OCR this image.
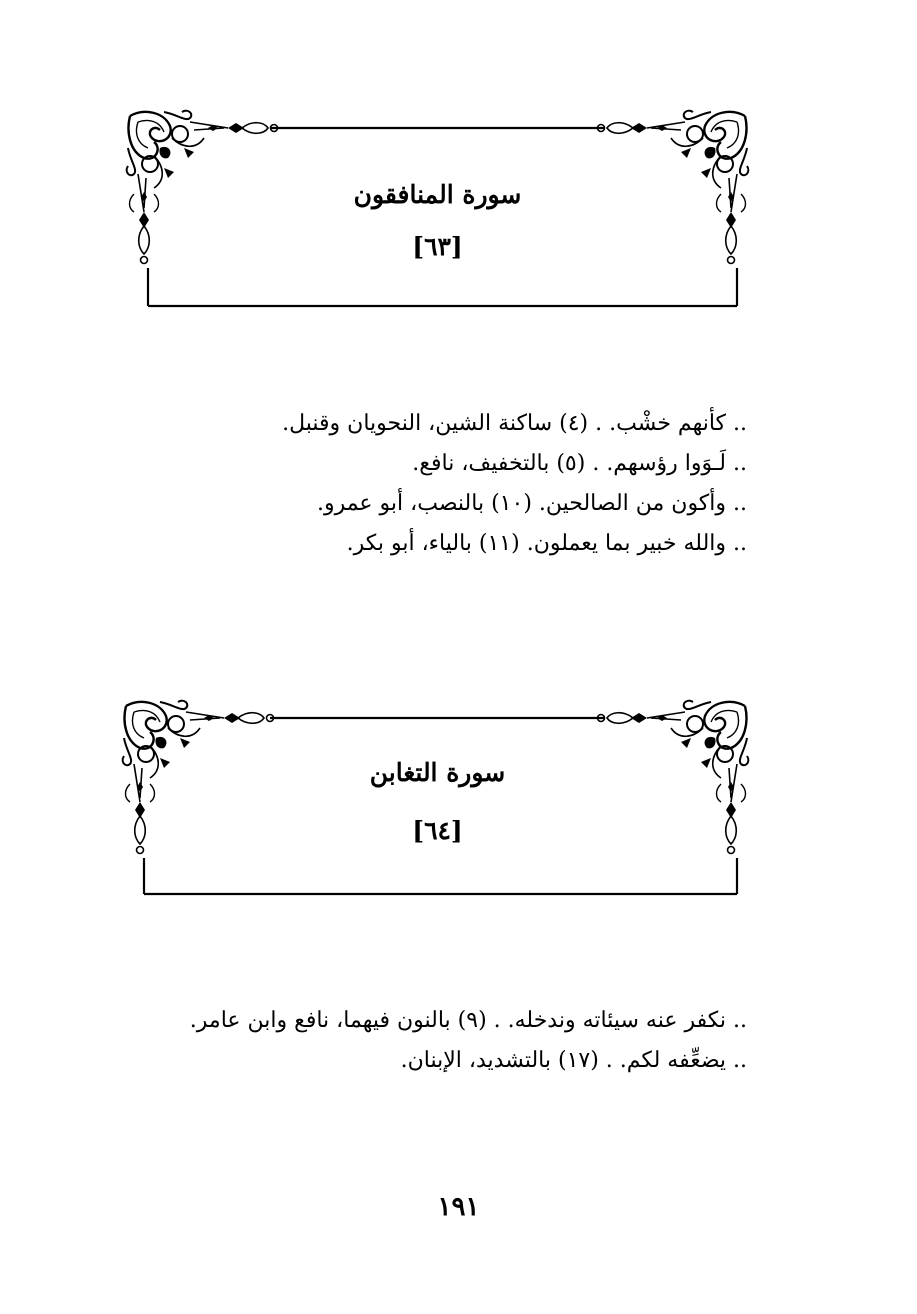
سورة المنافقون
[٦٣]
.. كأنهم خشْب. . (٤) ساكنة الشين، النحويان وقنبل.
.. لَـوَوا رؤسهم. . (٥) بالتخفيف، نافع.
.. وأكون من الصالحين. (١٠) بالنصب، أبو عمرو.
.. والله خبير بما يعملون. (١١) بالياء، أبو بكر.
سورة التغابن
[٦٤]
.. نكفر عنه سيئاته وندخله. . (٩) بالنون فيهما، نافع وابن عامر.
.. يضعِّفه لكم. . (١٧) بالتشديد، الإبنان.
١٩١
